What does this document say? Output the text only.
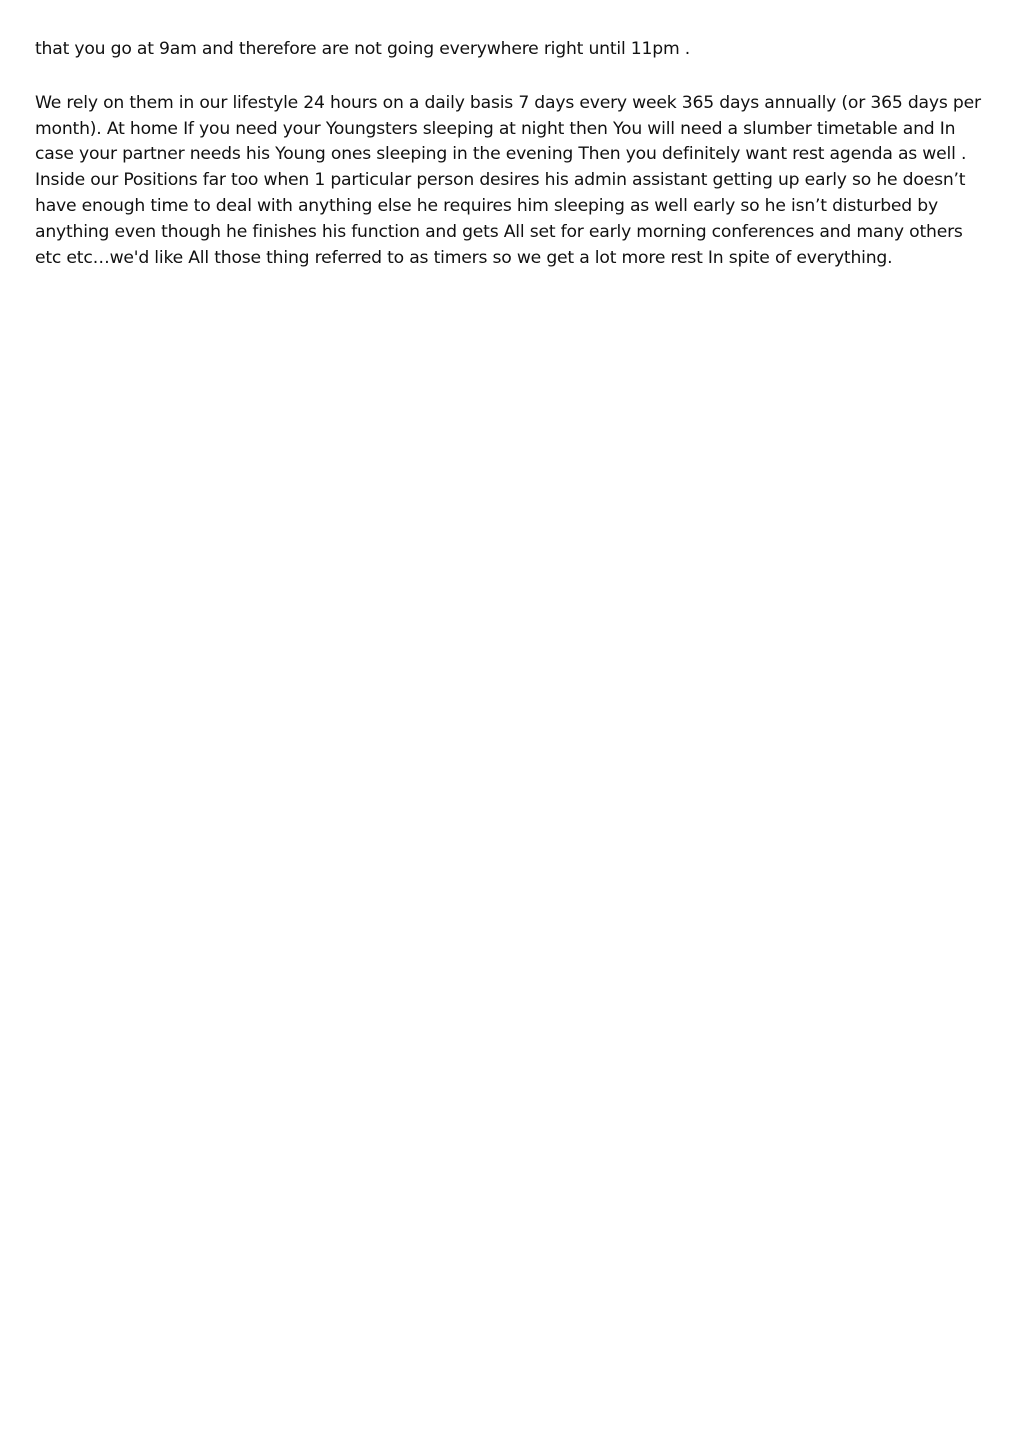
that you go at 9am and therefore are not going everywhere right until 11pm .

We rely on them in our lifestyle 24 hours on a daily basis 7 days every week 365 days annually (or 365 days per month). At home If you need your Youngsters sleeping at night then You will need a slumber timetable and In case your partner needs his Young ones sleeping in the evening Then you definitely want rest agenda as well . Inside our Positions far too when 1 particular person desires his admin assistant getting up early so he doesn’t have enough time to deal with anything else he requires him sleeping as well early so he isn’t disturbed by anything even though he finishes his function and gets All set for early morning conferences and many others etc etc…we'd like All those thing referred to as timers so we get a lot more rest In spite of everything.
